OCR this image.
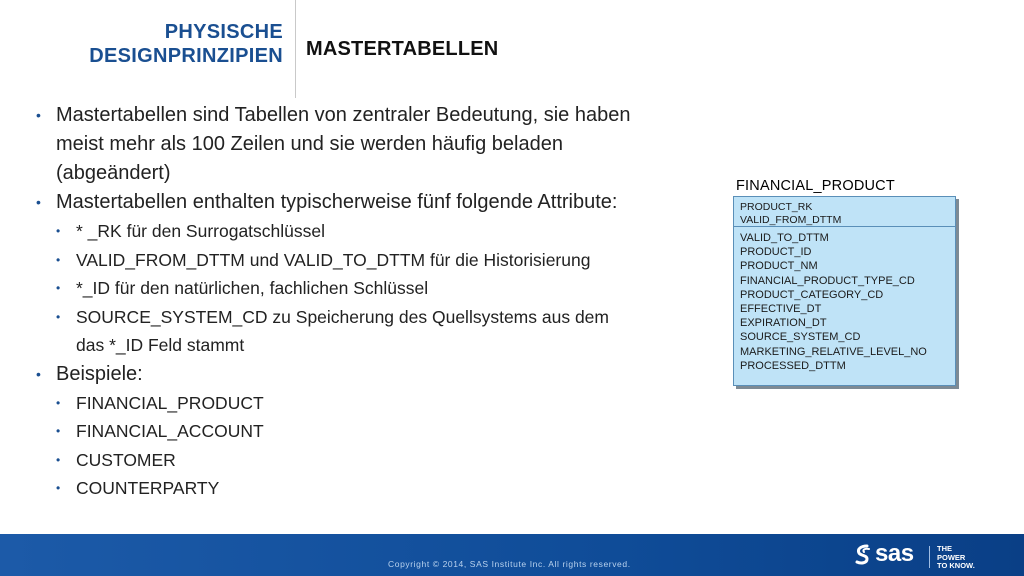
PHYSISCHE
DESIGNPRINZIPIEN MASTERTABELLEN
• Mastertabellen sind Tabellen von zentraler Bedeutung, sie haben
meist mehr als 100 Zeilen und sie werden häufig beladen
(abgeändert)
• Mastertabellen enthalten typischerweise fünf folgende Attribute:
• * _RK für den Surrogatschlüssel
• VALID_FROM_DTTM und VALID_TO_DTTM für die Historisierung
• *_ID für den natürlichen, fachlichen Schlüssel
• SOURCE_SYSTEM_CD zu Speicherung des Quellsystems aus dem
das *_ID Feld stammt
• Beispiele:
• FINANCIAL_PRODUCT
• FINANCIAL_ACCOUNT
• CUSTOMER
• COUNTERPARTY
FINANCIAL_PRODUCT
PRODUCT_RK
VALID_FROM_DTTM
VALID_TO_DTTM
PRODUCT_ID
PRODUCT_NM
FINANCIAL_PRODUCT_TYPE_CD
PRODUCT_CATEGORY_CD
EFFECTIVE_DT
EXPIRATION_DT
SOURCE_SYSTEM_CD
MARKETING_RELATIVE_LEVEL_NO
PROCESSED_DTTM
Copyright © 2014, SAS Institute Inc. All rights reserved.	sas	THE
POWER
TO KNOW.
